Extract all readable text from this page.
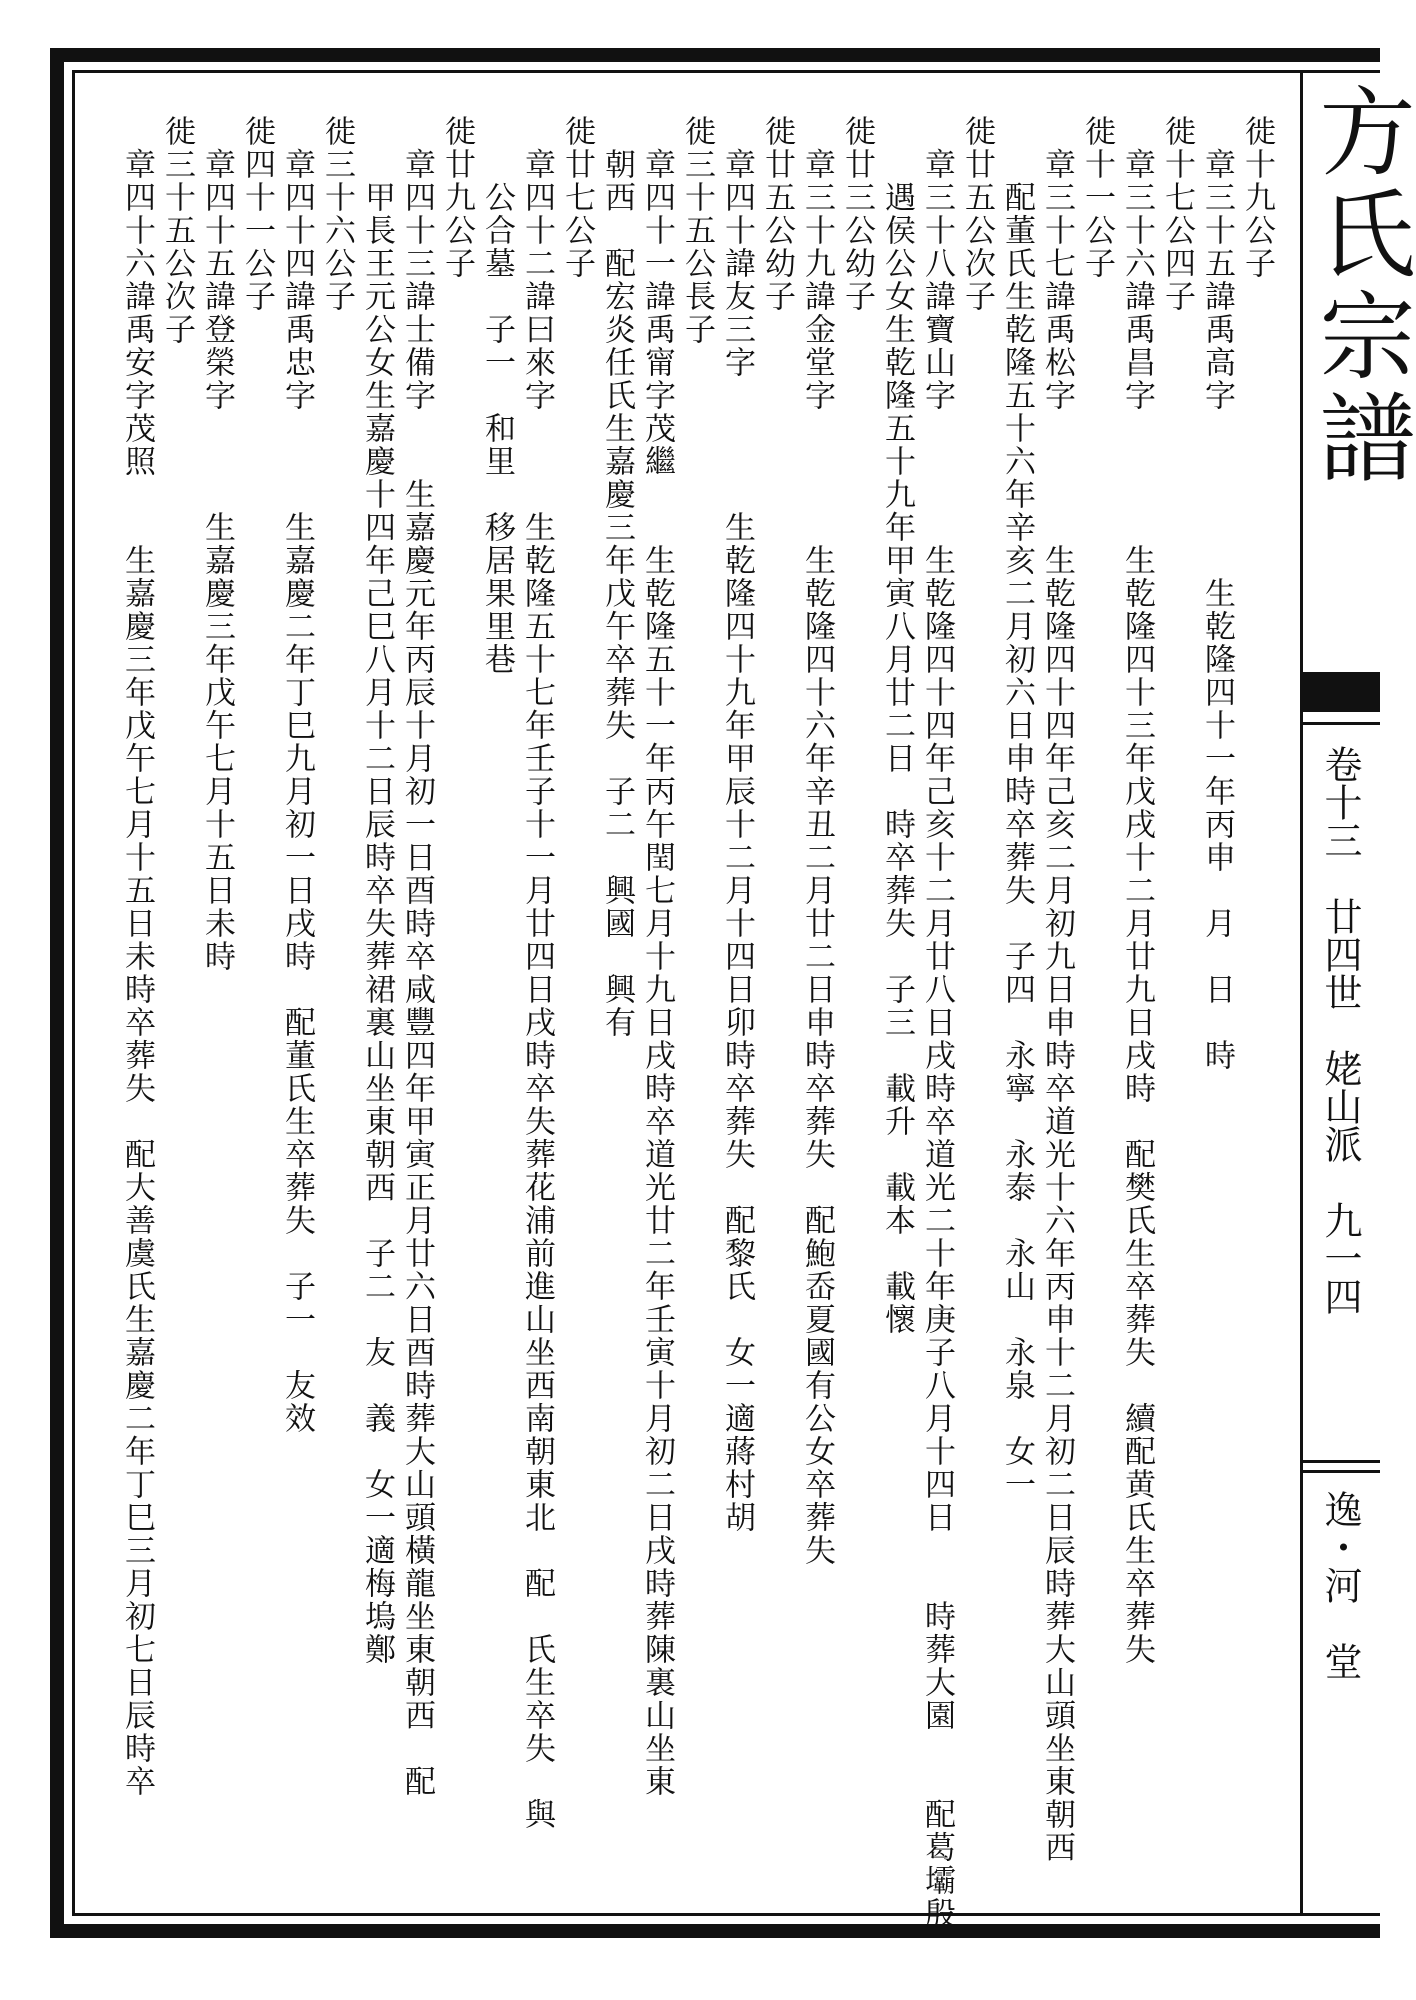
方氏宗譜
卷十三　廿四世　姥山派　九一四
逸・河　堂
徙十九公子
　章三十五諱禹高字　　　　　生乾隆四十一年丙申　月　日　時
徙十七公四子
　章三十六諱禹昌字　　　　生乾隆四十三年戊戌十二月廿九日戌時　配樊氏生卒葬失　續配黄氏生卒葬失
徙十一公子
　章三十七諱禹松字　　　　生乾隆四十四年己亥二月初九日申時卒道光十六年丙申十二月初二日辰時葬大山頭坐東朝西
　　配董氏生乾隆五十六年辛亥二月初六日申時卒葬失　子四　永寧　永泰　永山　永泉　女一
徙廿五公次子
　章三十八諱寶山字　　　　生乾隆四十四年己亥十二月廿八日戌時卒道光二十年庚子八月十四日　　時葬大園　　配葛壩殷
　　遇侯公女生乾隆五十九年甲寅八月廿二日　時卒葬失　子三　載升　載本　載懷
徙廿三公幼子
　章三十九諱金堂字　　　　生乾隆四十六年辛丑二月廿二日申時卒葬失　配鮑岙夏國有公女卒葬失
徙廿五公幼子
　章四十諱友三字　　　　生乾隆四十九年甲辰十二月十四日卯時卒葬失　配黎氏　女一適蔣村胡
徙三十五公長子
　章四十一諱禹甯字茂繼　　生乾隆五十一年丙午閏七月十九日戌時卒道光廿二年壬寅十月初二日戌時葬陳裏山坐東
　朝西　配宏炎任氏生嘉慶三年戊午卒葬失　子二　興國　興有
徙廿七公子
　章四十二諱曰來字　　　生乾隆五十七年壬子十一月廿四日戌時卒失葬花浦前進山坐西南朝東北　配　氏生卒失　與
　　公合墓　子一　和里　移居果里巷
徙廿九公子
　章四十三諱士備字　　生嘉慶元年丙辰十月初一日酉時卒咸豐四年甲寅正月廿六日酉時葬大山頭橫龍坐東朝西　配
　　甲長王元公女生嘉慶十四年己巳八月十二日辰時卒失葬裙裏山坐東朝西　子二　友　義　女一適梅塢鄭
徙三十六公子
　章四十四諱禹忠字　　　生嘉慶二年丁巳九月初一日戌時　配董氏生卒葬失　子一　友效
徙四十一公子
　章四十五諱登榮字　　　生嘉慶三年戊午七月十五日未時
徙三十五公次子
　章四十六諱禹安字茂照　　生嘉慶三年戊午七月十五日未時卒葬失　配大善虞氏生嘉慶二年丁巳三月初七日辰時卒
